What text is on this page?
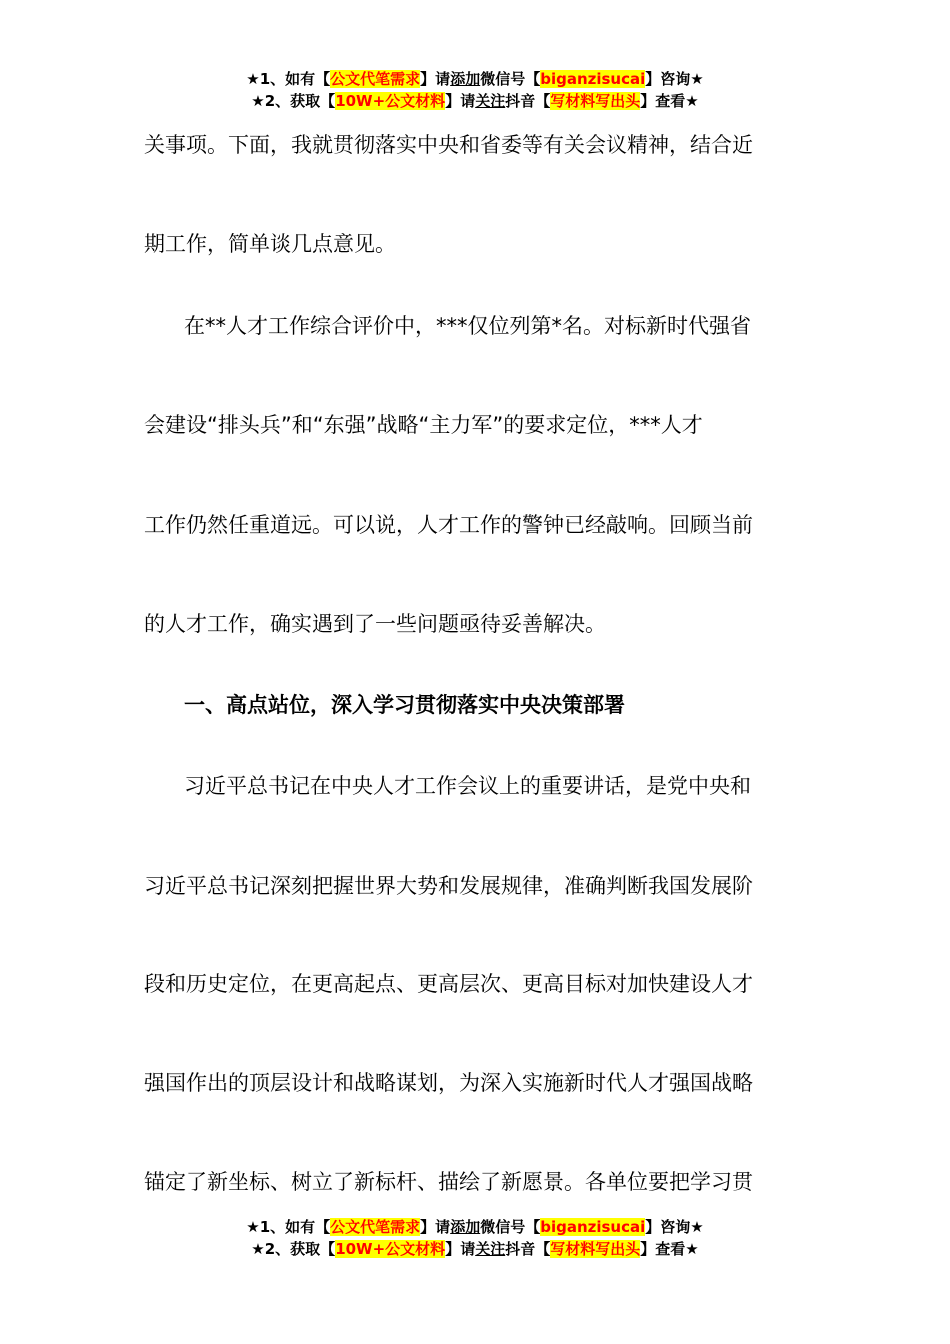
★1、如有【公文代笔需求】请添加微信号【biganzisucai】咨询★
★2、获取【10W+公文材料】请关注抖音【写材料写出头】查看★
关事项。下面，我就贯彻落实中央和省委等有关会议精神，结合近
期工作，简单谈几点意见。
在**人才工作综合评价中，***仅位列第*名。对标新时代强省
会建设“排头兵”和“东强”战略“主力军”的要求定位，***人才
工作仍然任重道远。可以说，人才工作的警钟已经敲响。回顾当前
的人才工作，确实遇到了一些问题亟待妥善解决。
一、高点站位，深入学习贯彻落实中央决策部署
习近平总书记在中央人才工作会议上的重要讲话，是党中央和
习近平总书记深刻把握世界大势和发展规律，准确判断我国发展阶
段和历史定位，在更高起点、更高层次、更高目标对加快建设人才
强国作出的顶层设计和战略谋划，为深入实施新时代人才强国战略
锚定了新坐标、树立了新标杆、描绘了新愿景。各单位要把学习贯
★1、如有【公文代笔需求】请添加微信号【biganzisucai】咨询★
★2、获取【10W+公文材料】请关注抖音【写材料写出头】查看★
